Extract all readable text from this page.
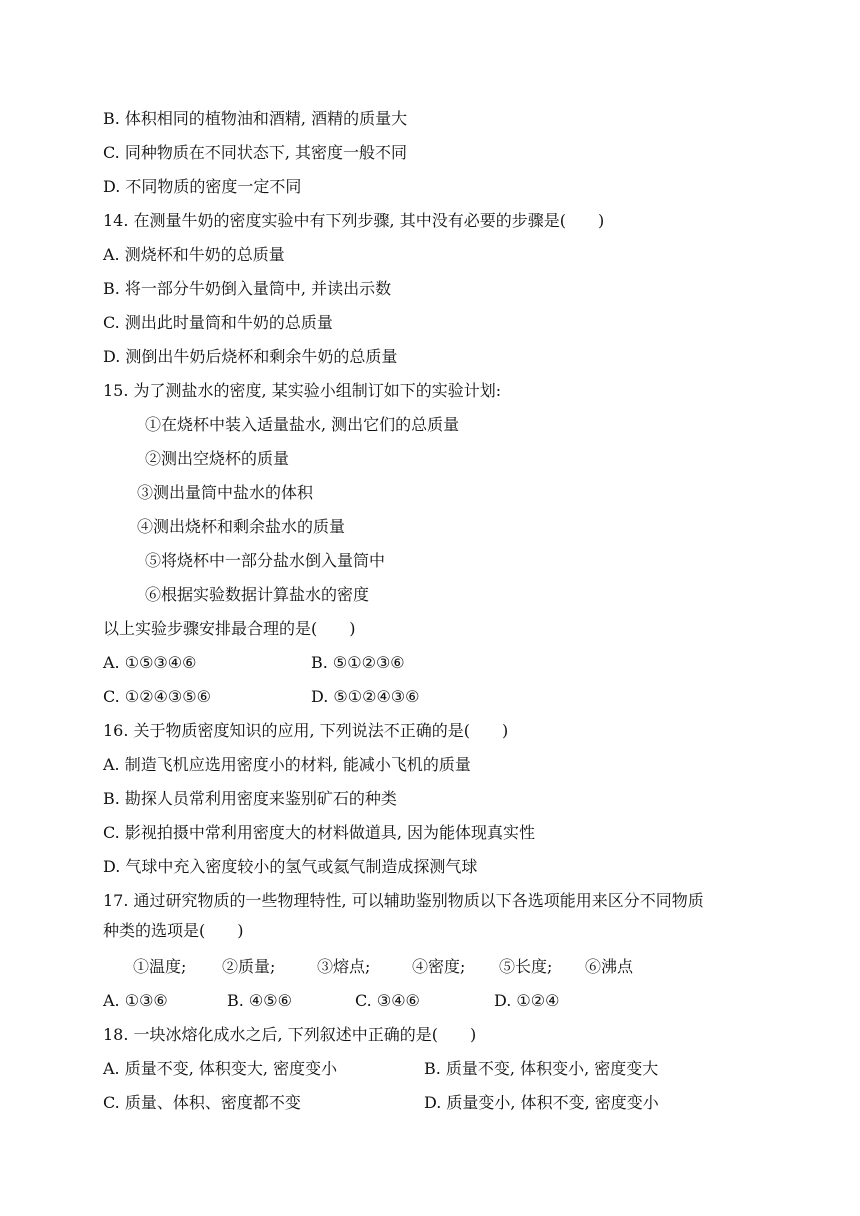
B. 体积相同的植物油和酒精, 酒精的质量大
C. 同种物质在不同状态下, 其密度一般不同
D. 不同物质的密度一定不同
14. 在测量牛奶的密度实验中有下列步骤, 其中没有必要的步骤是(　　)
A. 测烧杯和牛奶的总质量
B. 将一部分牛奶倒入量筒中, 并读出示数
C. 测出此时量筒和牛奶的总质量
D. 测倒出牛奶后烧杯和剩余牛奶的总质量
15. 为了测盐水的密度, 某实验小组制订如下的实验计划:
①在烧杯中装入适量盐水, 测出它们的总质量
②测出空烧杯的质量
③测出量筒中盐水的体积
④测出烧杯和剩余盐水的质量
⑤将烧杯中一部分盐水倒入量筒中
⑥根据实验数据计算盐水的密度
以上实验步骤安排最合理的是(　　)
A. ①⑤③④⑥	B. ⑤①②③⑥
C. ①②④③⑤⑥	D. ⑤①②④③⑥
16. 关于物质密度知识的应用, 下列说法不正确的是(　　)
A. 制造飞机应选用密度小的材料, 能减小飞机的质量
B. 勘探人员常利用密度来鉴别矿石的种类
C. 影视拍摄中常利用密度大的材料做道具, 因为能体现真实性
D. 气球中充入密度较小的氢气或氦气制造成探测气球
17. 通过研究物质的一些物理特性, 可以辅助鉴别物质以下各选项能用来区分不同物质
种类的选项是(　　)
①温度; ②质量;	③熔点;	④密度; ⑤长度; ⑥沸点
A. ①③⑥	B. ④⑤⑥	C. ③④⑥	D. ①②④
18. 一块冰熔化成水之后, 下列叙述中正确的是(　　)
A. 质量不变, 体积变大, 密度变小	B. 质量不变, 体积变小, 密度变大
C. 质量、体积、密度都不变	D. 质量变小, 体积不变, 密度变小
